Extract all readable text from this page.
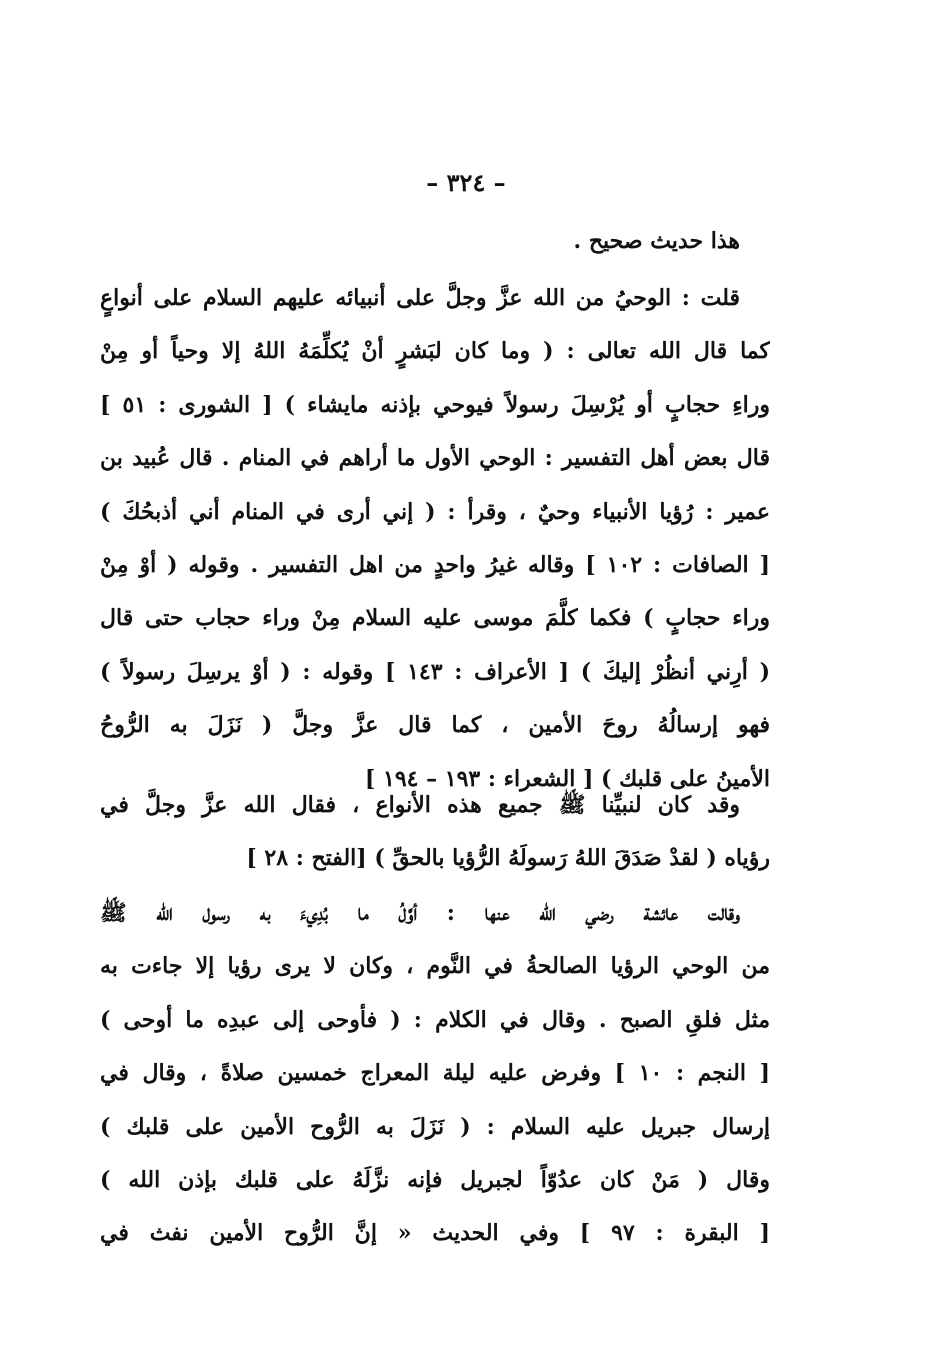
– ٣٢٤ –
هذا حديث صحيح .
قلت : الوحيُ من الله عزَّ وجلَّ على أنبيائه عليهم السلام على أنواعٍ
كما قال الله تعالى : ( وما كان لبَشرٍ أنْ يُكلِّمَهُ اللهُ إلا وحياً أو مِنْ
وراءِ حجابٍ أو يُرْسِلَ رسولاً فيوحي بإذنه مايشاء ) [ الشورى : ٥١ ]
قال بعض أهل التفسير : الوحي الأول ما أراهم في المنام . قال عُبيد بن
عمير : رُؤيا الأنبياء وحيٌ ، وقرأ : ( إني أرى في المنام أني أذبحُكَ )
[ الصافات : ١٠٢ ] وقاله غيرُ واحدٍ من اهل التفسير . وقوله ( أوْ مِنْ
وراء حجابٍ ) فكما كلَّمَ موسى عليه السلام مِنْ وراء حجاب حتى قال
( أرِني أنظُرْ إليكَ ) [ الأعراف : ١٤٣ ] وقوله : ( أوْ يرسِلَ رسولاً )
فهو إرسالُهُ روحَ الأمين ، كما قال عزَّ وجلَّ ( نَزَلَ به الرُّوحُ
الأمينُ على قلبك ) [ الشعراء : ١٩٣ – ١٩٤ ]
وقد كان لنبيِّنا ﷺ جميع هذه الأنواع ، فقال الله عزَّ وجلَّ في
رؤياه ( لقدْ صَدَقَ اللهُ رَسولَهُ الرُّؤيا بالحقِّ ) [الفتح : ٢٨ ]
وقالت عائشة رضي الله عنها : أوَّلُ ما بُدِيءَ به رسول الله ﷺ
من الوحي الرؤيا الصالحةُ في النَّوم ، وكان لا يرى رؤيا إلا جاءت به
مثل فلقِ الصبح . وقال في الكلام : ( فأوحى إلى عبدِه ما أوحى )
[ النجم : ١٠ ] وفرض عليه ليلة المعراج خمسين صلاةً ، وقال في
إرسال جبريل عليه السلام : ( نَزَلَ به الرُّوح الأمين على قلبك )
وقال ( مَنْ كان عدُوّاً لجبريل فإنه نزَّلَهُ على قلبك بإذن الله )
[ البقرة : ٩٧ ] وفي الحديث « إنَّ الرُّوح الأمين نفث في
